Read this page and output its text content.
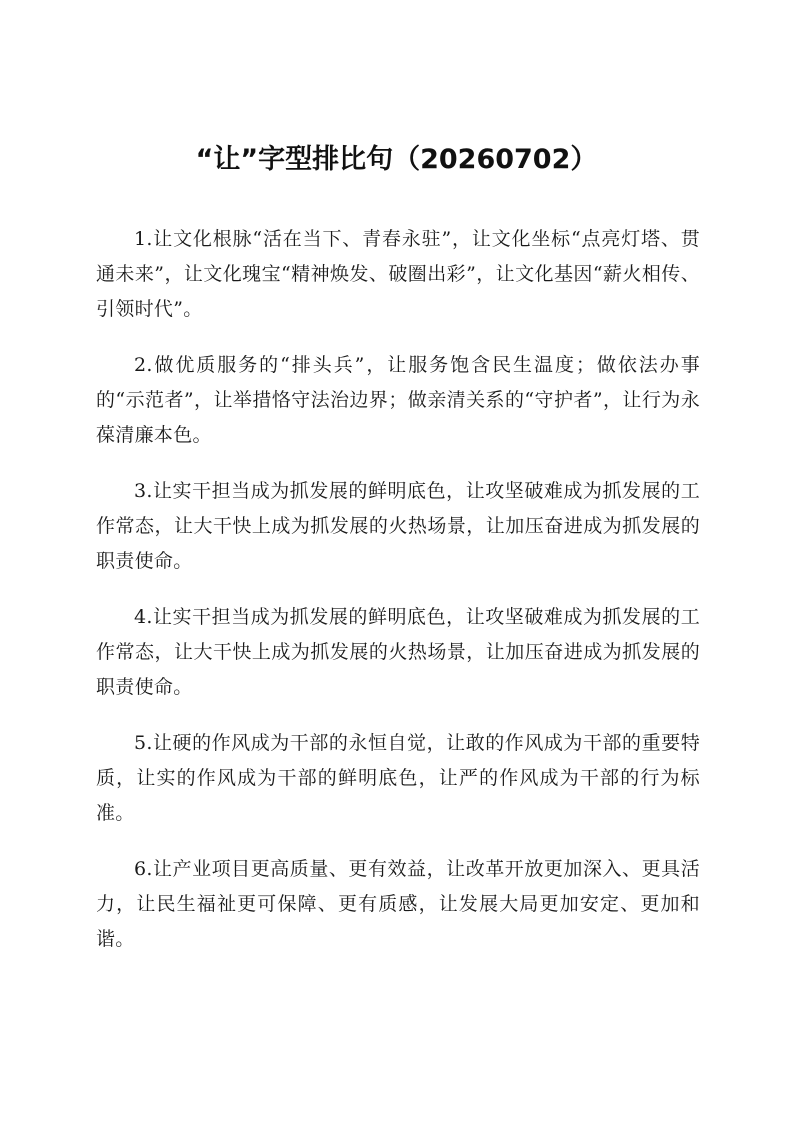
“让”字型排比句（20260702）

1.让文化根脉“活在当下、青春永驻”，让文化坐标“点亮灯塔、贯通未来”，让文化瑰宝“精神焕发、破圈出彩”，让文化基因“薪火相传、引领时代”。

2.做优质服务的“排头兵”，让服务饱含民生温度；做依法办事的“示范者”，让举措恪守法治边界；做亲清关系的“守护者”，让行为永葆清廉本色。

3.让实干担当成为抓发展的鲜明底色，让攻坚破难成为抓发展的工作常态，让大干快上成为抓发展的火热场景，让加压奋进成为抓发展的职责使命。

4.让实干担当成为抓发展的鲜明底色，让攻坚破难成为抓发展的工作常态，让大干快上成为抓发展的火热场景，让加压奋进成为抓发展的职责使命。

5.让硬的作风成为干部的永恒自觉，让敢的作风成为干部的重要特质，让实的作风成为干部的鲜明底色，让严的作风成为干部的行为标准。

6.让产业项目更高质量、更有效益，让改革开放更加深入、更具活力，让民生福祉更可保障、更有质感，让发展大局更加安定、更加和谐。
